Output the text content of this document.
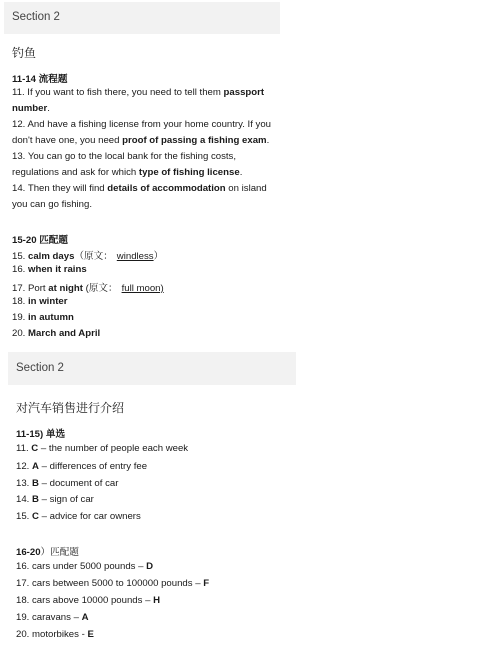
Section 2
钓鱼
11-14 流程题
11. If you want to fish there, you need to tell them passport
number.
12. And have a fishing license from your home country. If you
don't have one, you need proof of passing a fishing exam.
13. You can go to the local bank for the fishing costs,
regulations and ask for which type of fishing license.
14. Then they will find details of accommodation on island
you can go fishing.
15-20 匹配题
15. calm days（原文： windless）
16. when it rains
17. Port at night (原文： full moon)
18. in winter
19. in autumn
20. March and April
Section 2
对汽车销售进行介绍
11-15) 单选
11. C – the number of people each week
12. A – differences of entry fee
13. B – document of car
14. B – sign of car
15. C – advice for car owners
16-20）匹配题
16. cars under 5000 pounds – D
17. cars between 5000 to 100000 pounds – F
18. cars above 10000 pounds – H
19. caravans – A
20. motorbikes - E
